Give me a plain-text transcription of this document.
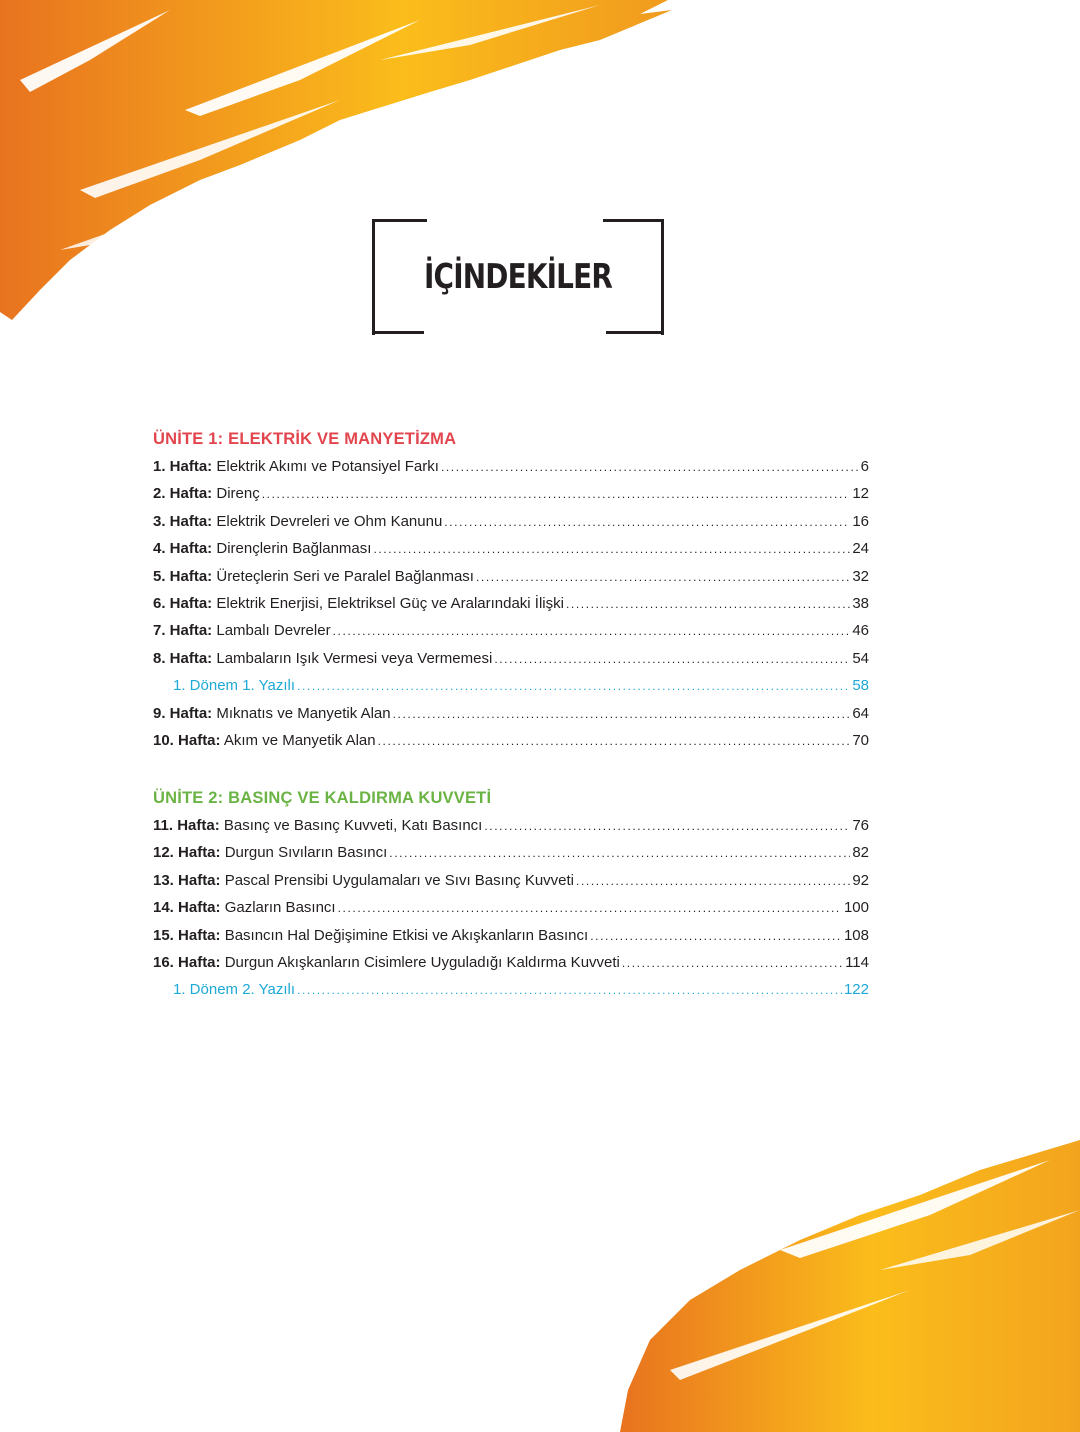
İÇİNDEKİLER
ÜNİTE 1: ELEKTRİK VE MANYETİZMA
1. Hafta: Elektrik Akımı ve Potansiyel Farkı .....	6
2. Hafta: Direnç .....	12
3. Hafta: Elektrik Devreleri ve Ohm Kanunu .....	16
4. Hafta: Dirençlerin Bağlanması .....	24
5. Hafta: Üreteçlerin Seri ve Paralel Bağlanması .....	32
6. Hafta: Elektrik Enerjisi, Elektriksel Güç ve Aralarındaki İlişki .....	38
7. Hafta: Lambalı Devreler .....	46
8. Hafta: Lambaların Işık Vermesi veya Vermemesi .....	54
1. Dönem 1. Yazılı .....	58
9. Hafta: Mıknatıs ve Manyetik Alan .....	64
10. Hafta: Akım ve Manyetik Alan .....	70
ÜNİTE 2: BASINÇ VE KALDIRMA KUVVETİ
11. Hafta: Basınç ve Basınç Kuvveti, Katı Basıncı .....	76
12. Hafta: Durgun Sıvıların Basıncı .....	82
13. Hafta: Pascal Prensibi Uygulamaları ve Sıvı Basınç Kuvveti .....	92
14. Hafta: Gazların Basıncı .....	100
15. Hafta: Basıncın Hal Değişimine Etkisi ve Akışkanların Basıncı .....	108
16. Hafta: Durgun Akışkanların Cisimlere Uyguladığı Kaldırma Kuvveti .....	114
1. Dönem 2. Yazılı .....	122
